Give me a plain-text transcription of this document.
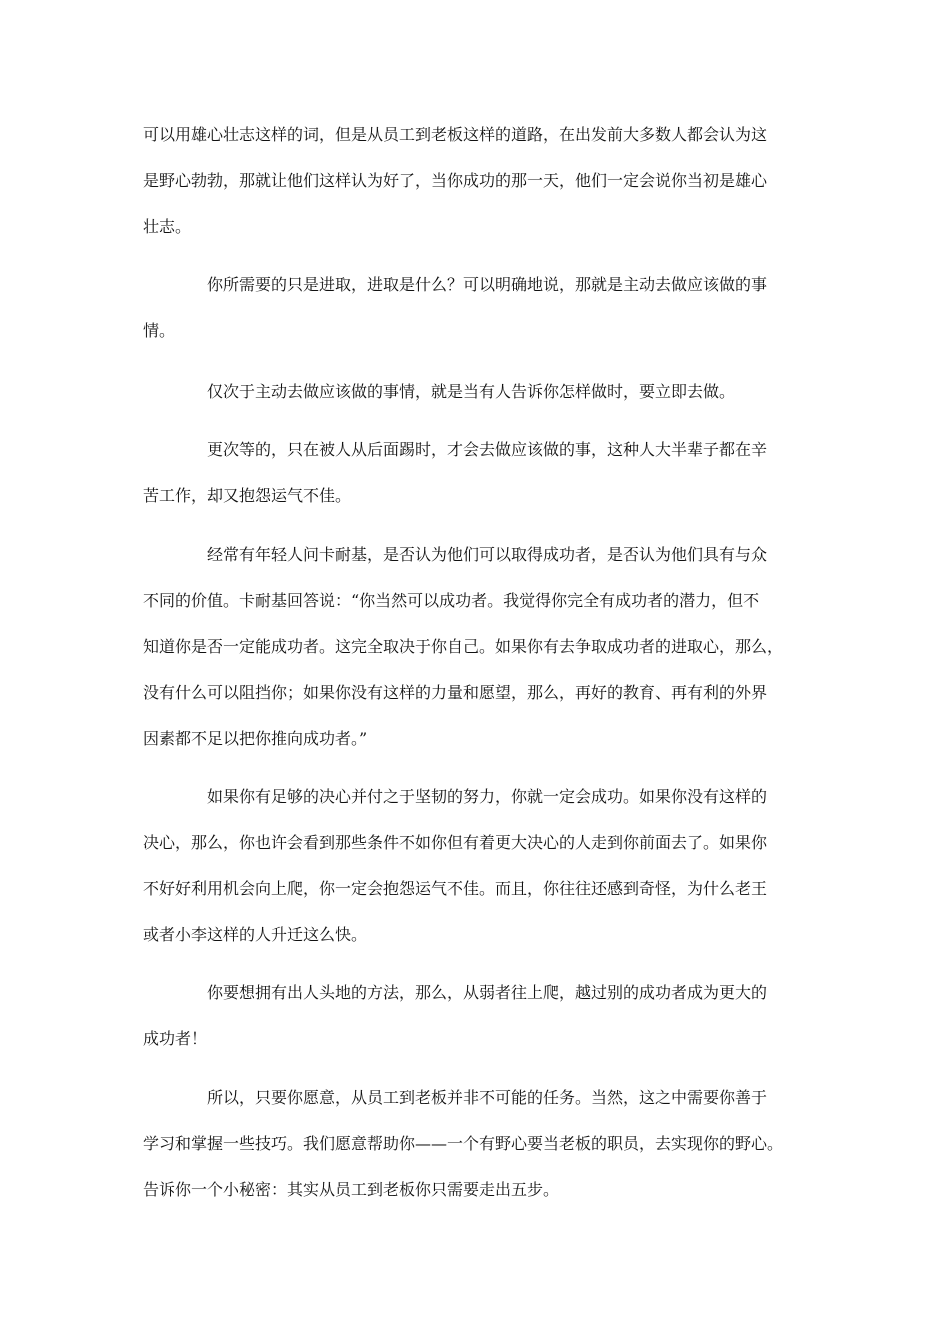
可以用雄心壮志这样的词，但是从员工到老板这样的道路，在出发前大多数人都会认为这
是野心勃勃，那就让他们这样认为好了，当你成功的那一天，他们一定会说你当初是雄心
壮志。
你所需要的只是进取，进取是什么？可以明确地说，那就是主动去做应该做的事
情。
仅次于主动去做应该做的事情，就是当有人告诉你怎样做时，要立即去做。
更次等的，只在被人从后面踢时，才会去做应该做的事，这种人大半辈子都在辛
苦工作，却又抱怨运气不佳。
经常有年轻人问卡耐基，是否认为他们可以取得成功者，是否认为他们具有与众
不同的价值。卡耐基回答说：“你当然可以成功者。我觉得你完全有成功者的潜力，但不
知道你是否一定能成功者。这完全取决于你自己。如果你有去争取成功者的进取心，那么，
没有什么可以阻挡你；如果你没有这样的力量和愿望，那么，再好的教育、再有利的外界
因素都不足以把你推向成功者。”
如果你有足够的决心并付之于坚韧的努力，你就一定会成功。如果你没有这样的
决心，那么，你也许会看到那些条件不如你但有着更大决心的人走到你前面去了。如果你
不好好利用机会向上爬，你一定会抱怨运气不佳。而且，你往往还感到奇怪，为什么老王
或者小李这样的人升迁这么快。
你要想拥有出人头地的方法，那么，从弱者往上爬，越过别的成功者成为更大的
成功者！
所以，只要你愿意，从员工到老板并非不可能的任务。当然，这之中需要你善于
学习和掌握一些技巧。我们愿意帮助你——一个有野心要当老板的职员，去实现你的野心。
告诉你一个小秘密：其实从员工到老板你只需要走出五步。
